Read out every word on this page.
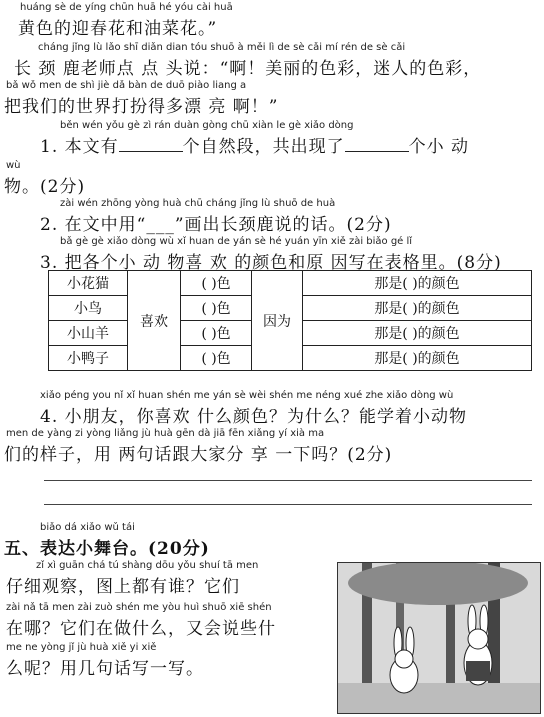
huáng sè de yíng chūn huā hé yóu cài huā
黄色的迎春花和油菜花。”
cháng jǐng lù lǎo shī diǎn dian tóu shuō à měi lì de sè cǎi mí rén de sè cǎi
长 颈 鹿老师点 点 头说：“啊！美丽的色彩，迷人的色彩，
bǎ wǒ men de shì jiè dǎ bàn de duō piào liang a
把我们的世界打扮得多漂 亮 啊！”
běn wén yǒu gè zì rán duàn gòng chū xiàn le gè xiǎo dòng
1. 本文有	个自然段，共出现了	个小 动
wù
物。(2分)
zài wén zhōng yòng huà chū cháng jǐng lù shuō de huà
2. 在文中用“___”画出长颈鹿说的话。(2分)
bǎ gè gè xiǎo dòng wù xǐ huan de yán sè hé yuán yīn xiě zài biǎo gé lǐ
3. 把各个小 动 物喜 欢 的颜色和原 因写在表格里。(8分)
小花猫	喜欢	( )色	因为	那是( )的颜色
小鸟		( )色		那是( )的颜色
小山羊		( )色		那是( )的颜色
小鸭子		( )色		那是( )的颜色
xiǎo péng you nǐ xǐ huan shén me yán sè wèi shén me néng xué zhe xiǎo dòng wù
4. 小朋友，你喜欢 什么颜色？为什么？能学着小动物
men de yàng zi yòng liǎng jù huà gēn dà jiā fēn xiǎng yí xià ma
们的样子，用 两句话跟大家分 享 一下吗？(2分)
biǎo dá xiǎo wǔ tái
五、表达小舞台。(20分)
zǐ xì guān chá tú shàng dōu yǒu shuí tā men
仔细观察，图上都有谁？它们
zài nǎ tā men zài zuò shén me yòu huì shuō xiē shén
在哪？它们在做什么，又会说些什
me ne yòng jǐ jù huà xiě yi xiě
么呢？用几句话写一写。
